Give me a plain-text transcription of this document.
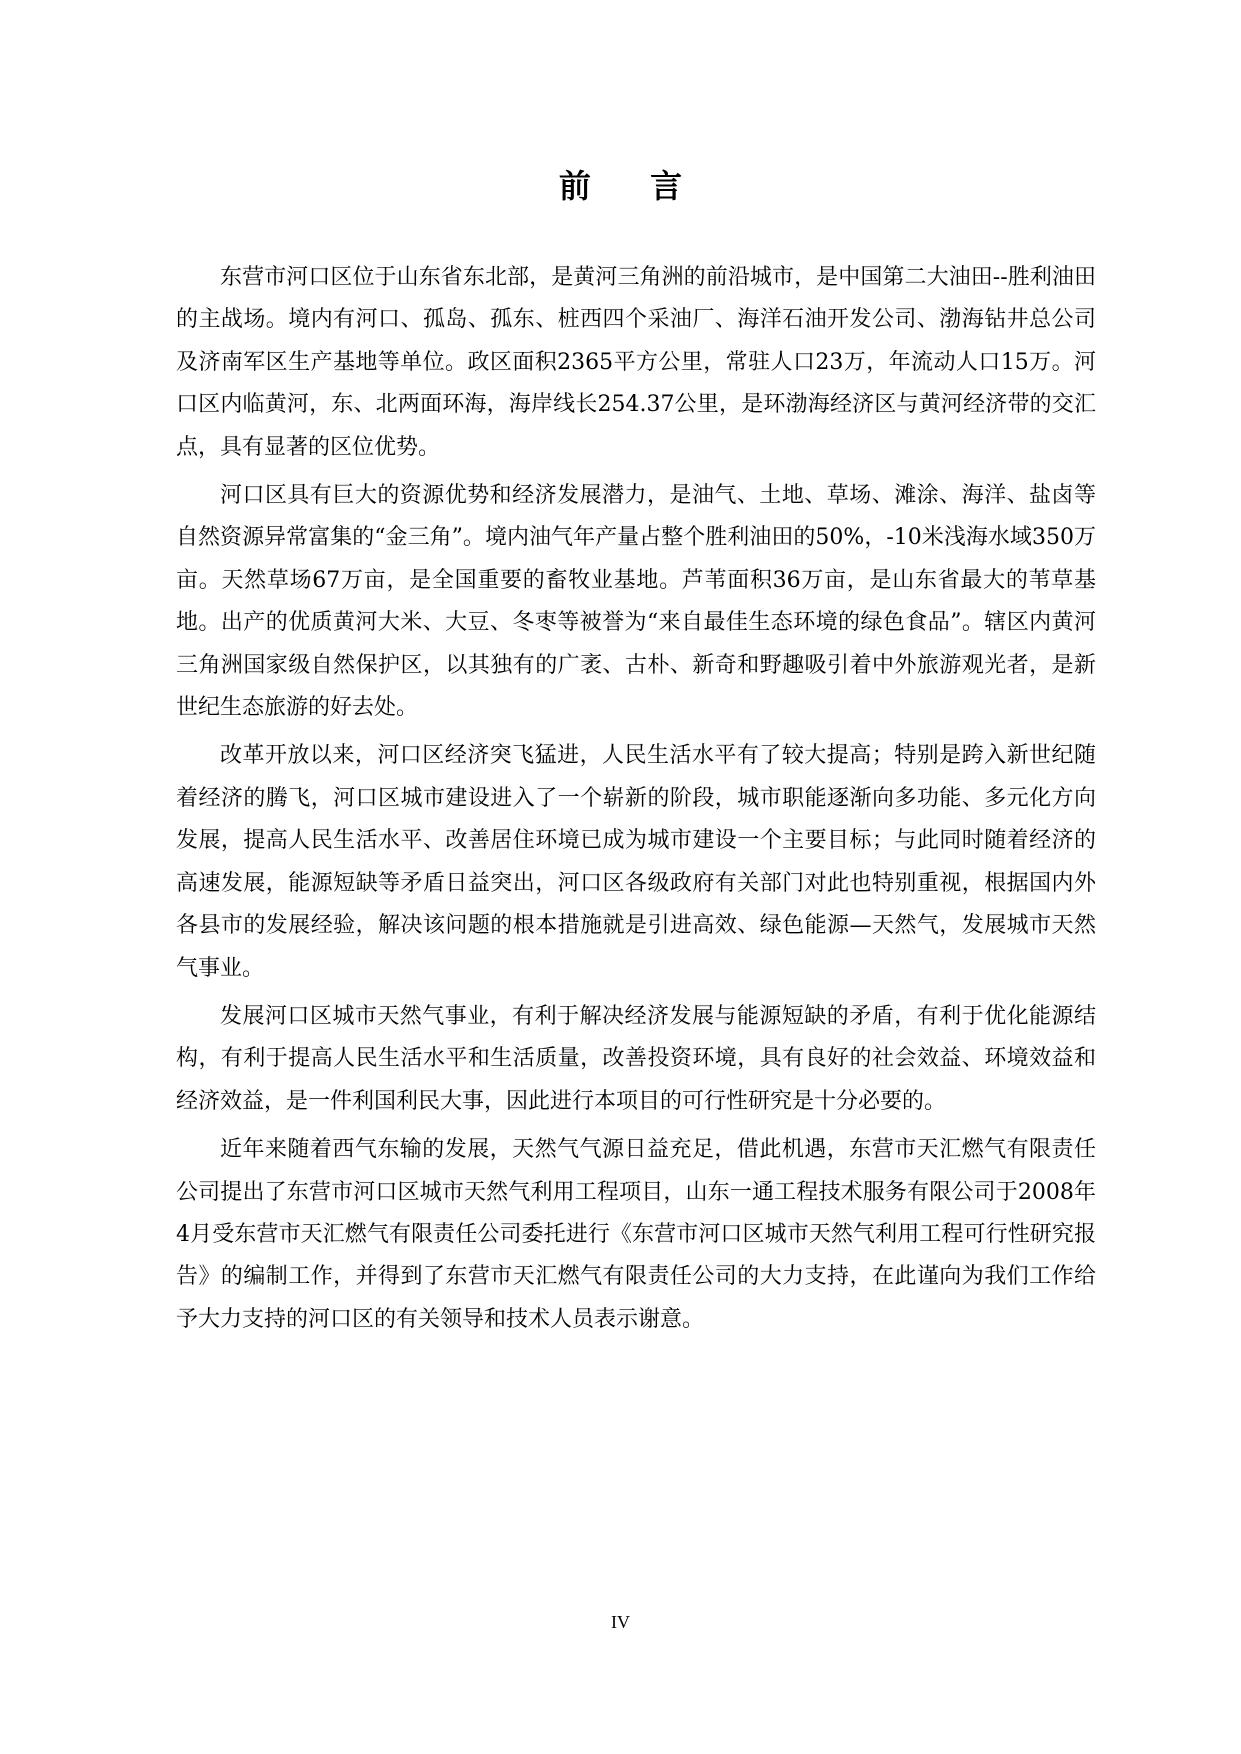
前 言

东营市河口区位于山东省东北部，是黄河三角洲的前沿城市，是中国第二大油田--胜利油田的主战场。境内有河口、孤岛、孤东、桩西四个采油厂、海洋石油开发公司、渤海钻井总公司及济南军区生产基地等单位。政区面积2365平方公里，常驻人口23万，年流动人口15万。河口区内临黄河，东、北两面环海，海岸线长254.37公里，是环渤海经济区与黄河经济带的交汇点，具有显著的区位优势。

河口区具有巨大的资源优势和经济发展潜力，是油气、土地、草场、滩涂、海洋、盐卤等自然资源异常富集的“金三角”。境内油气年产量占整个胜利油田的50%，-10米浅海水域350万亩。天然草场67万亩，是全国重要的畜牧业基地。芦苇面积36万亩，是山东省最大的苇草基地。出产的优质黄河大米、大豆、冬枣等被誉为“来自最佳生态环境的绿色食品”。辖区内黄河三角洲国家级自然保护区，以其独有的广袤、古朴、新奇和野趣吸引着中外旅游观光者，是新世纪生态旅游的好去处。

改革开放以来，河口区经济突飞猛进，人民生活水平有了较大提高；特别是跨入新世纪随着经济的腾飞，河口区城市建设进入了一个崭新的阶段，城市职能逐渐向多功能、多元化方向发展，提高人民生活水平、改善居住环境已成为城市建设一个主要目标；与此同时随着经济的高速发展，能源短缺等矛盾日益突出，河口区各级政府有关部门对此也特别重视，根据国内外各县市的发展经验，解决该问题的根本措施就是引进高效、绿色能源—天然气，发展城市天然气事业。

发展河口区城市天然气事业，有利于解决经济发展与能源短缺的矛盾，有利于优化能源结构，有利于提高人民生活水平和生活质量，改善投资环境，具有良好的社会效益、环境效益和经济效益，是一件利国利民大事，因此进行本项目的可行性研究是十分必要的。

近年来随着西气东输的发展，天然气气源日益充足，借此机遇，东营市天汇燃气有限责任公司提出了东营市河口区城市天然气利用工程项目，山东一通工程技术服务有限公司于2008年4月受东营市天汇燃气有限责任公司委托进行《东营市河口区城市天然气利用工程可行性研究报告》的编制工作，并得到了东营市天汇燃气有限责任公司的大力支持，在此谨向为我们工作给予大力支持的河口区的有关领导和技术人员表示谢意。

IV
